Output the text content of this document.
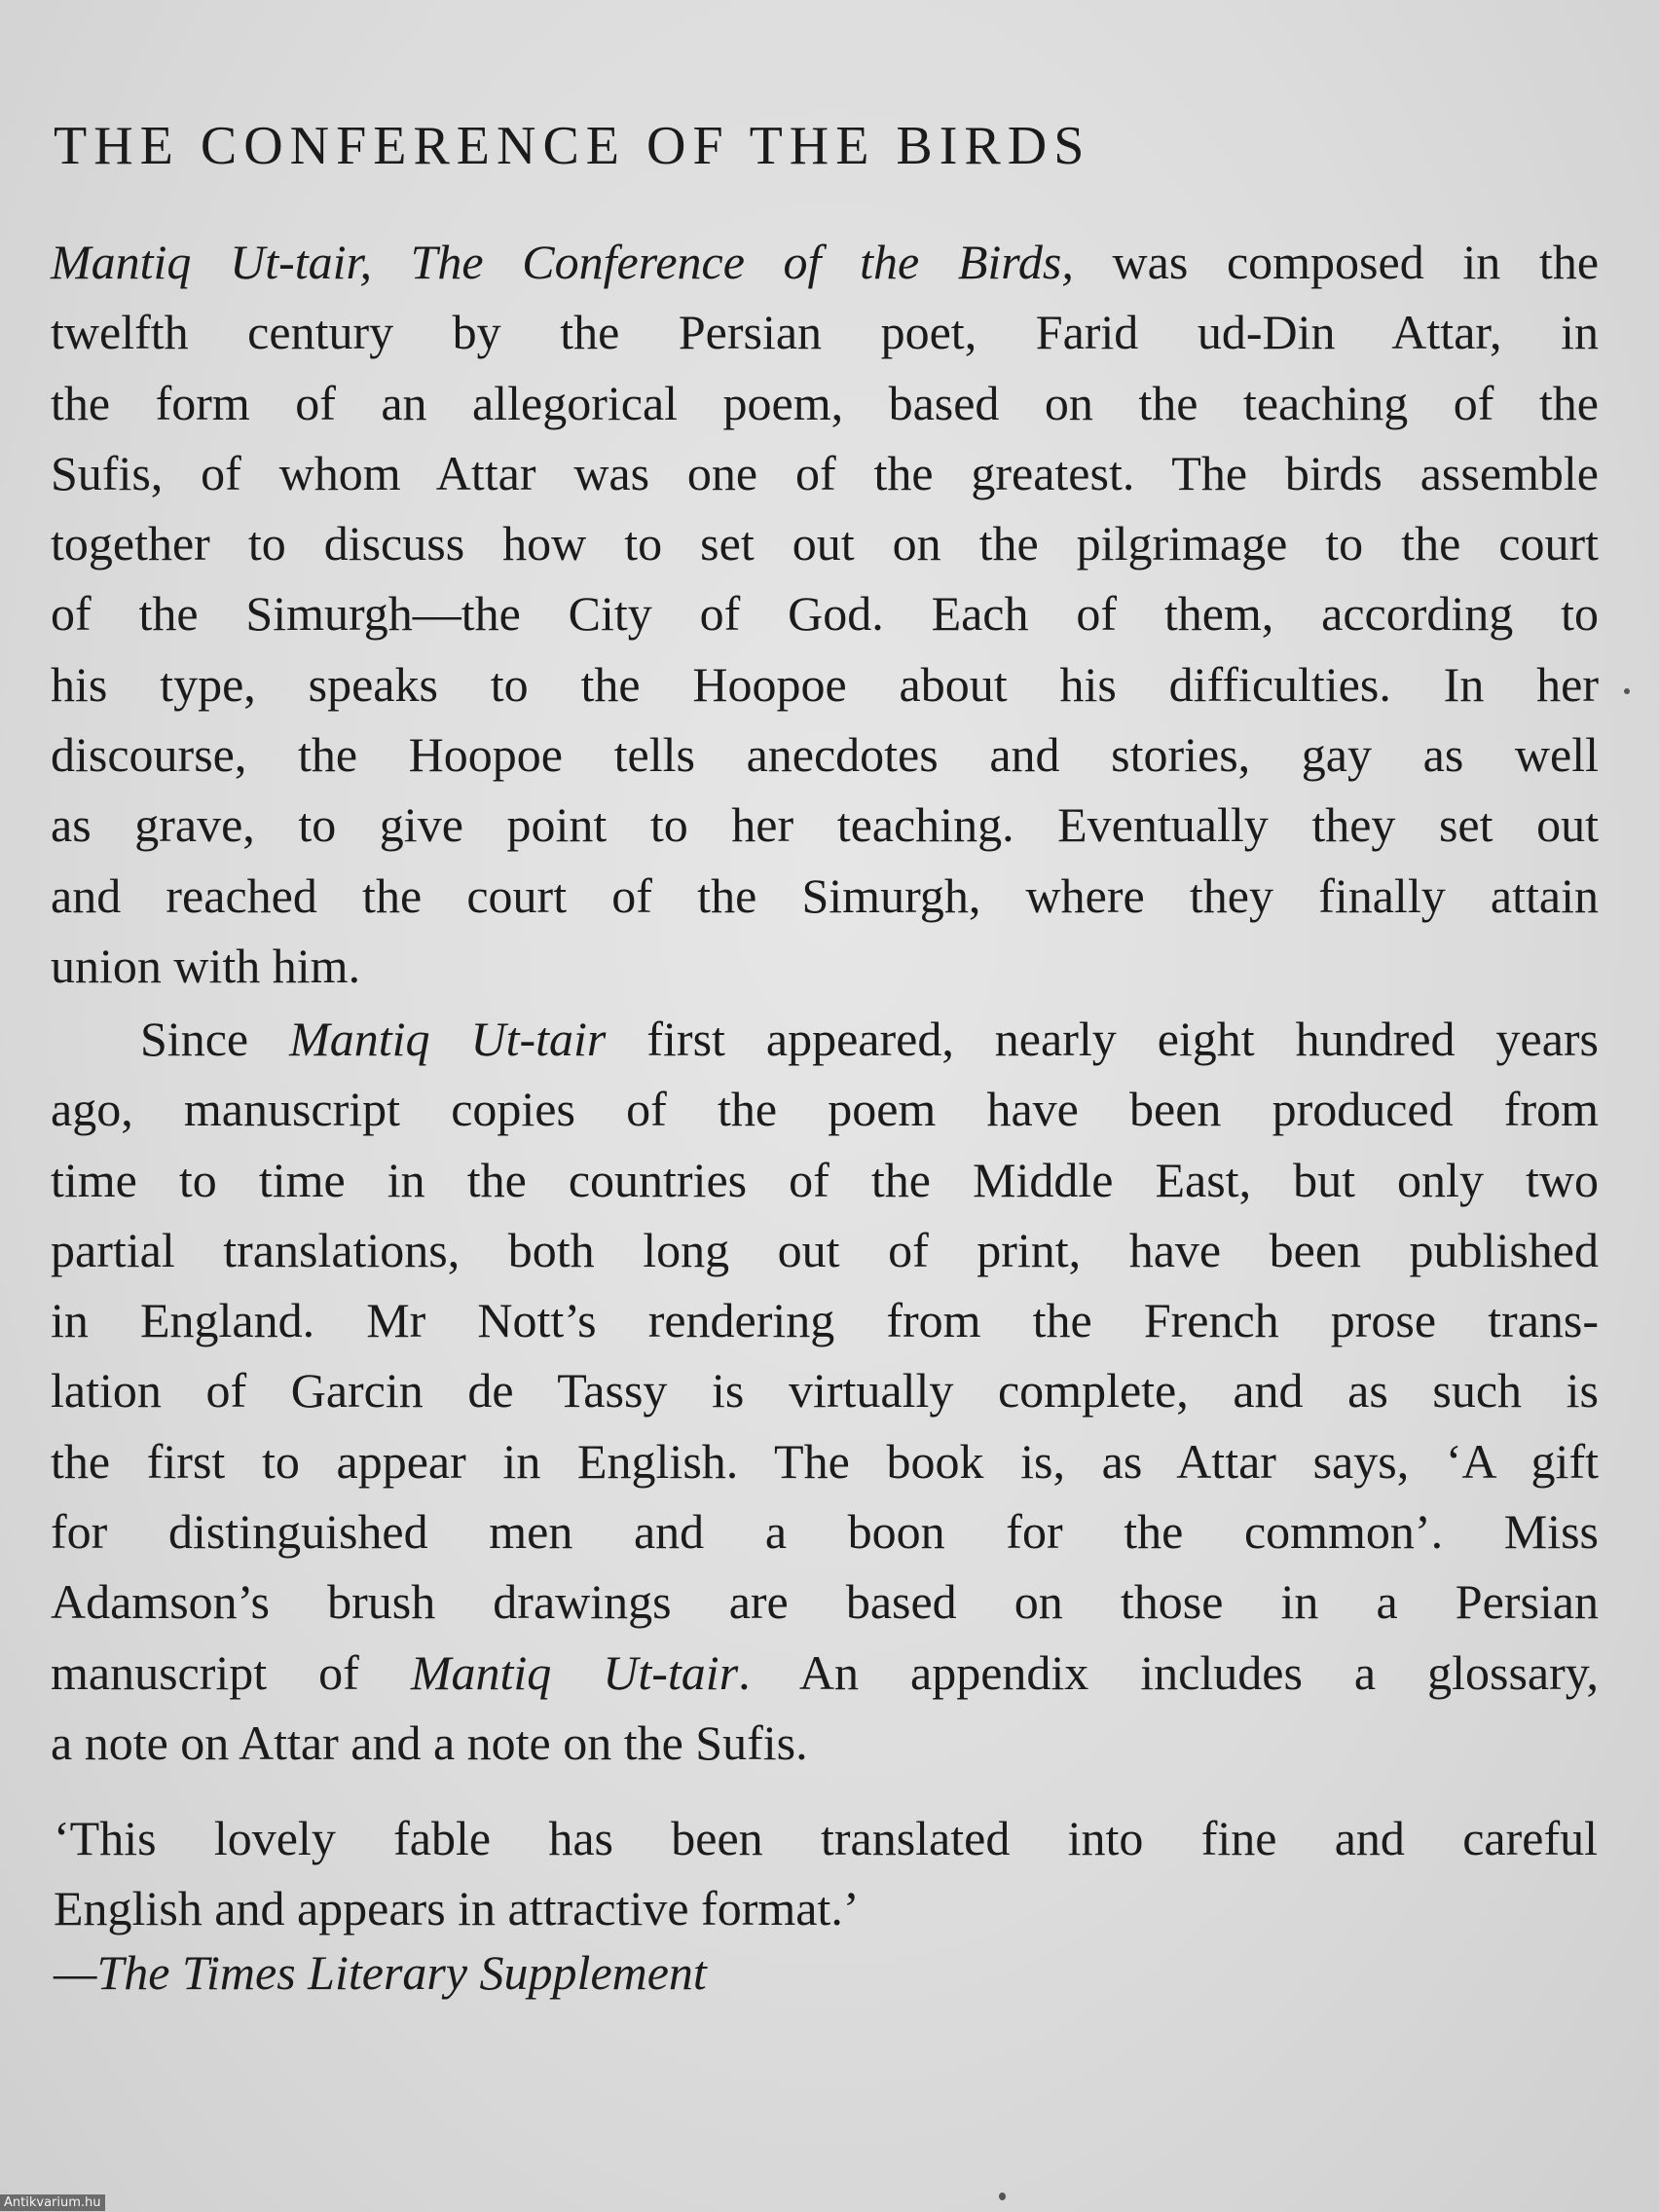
THE CONFERENCE OF THE BIRDS
Mantiq Ut-tair, The Conference of the Birds, was composed in the
twelfth century by the Persian poet, Farid ud-Din Attar, in
the form of an allegorical poem, based on the teaching of the
Sufis, of whom Attar was one of the greatest. The birds assemble
together to discuss how to set out on the pilgrimage to the court
of the Simurgh—the City of God. Each of them, according to
his type, speaks to the Hoopoe about his difficulties. In her
discourse, the Hoopoe tells anecdotes and stories, gay as well
as grave, to give point to her teaching. Eventually they set out
and reached the court of the Simurgh, where they finally attain
union with him.
Since Mantiq Ut-tair first appeared, nearly eight hundred years
ago, manuscript copies of the poem have been produced from
time to time in the countries of the Middle East, but only two
partial translations, both long out of print, have been published
in England. Mr Nott’s rendering from the French prose trans-
lation of Garcin de Tassy is virtually complete, and as such is
the first to appear in English. The book is, as Attar says, ‘A gift
for distinguished men and a boon for the common’. Miss
Adamson’s brush drawings are based on those in a Persian
manuscript of Mantiq Ut-tair. An appendix includes a glossary,
a note on Attar and a note on the Sufis.
‘This lovely fable has been translated into fine and careful
English and appears in attractive format.’
—The Times Literary Supplement
Antikvarium.hu
